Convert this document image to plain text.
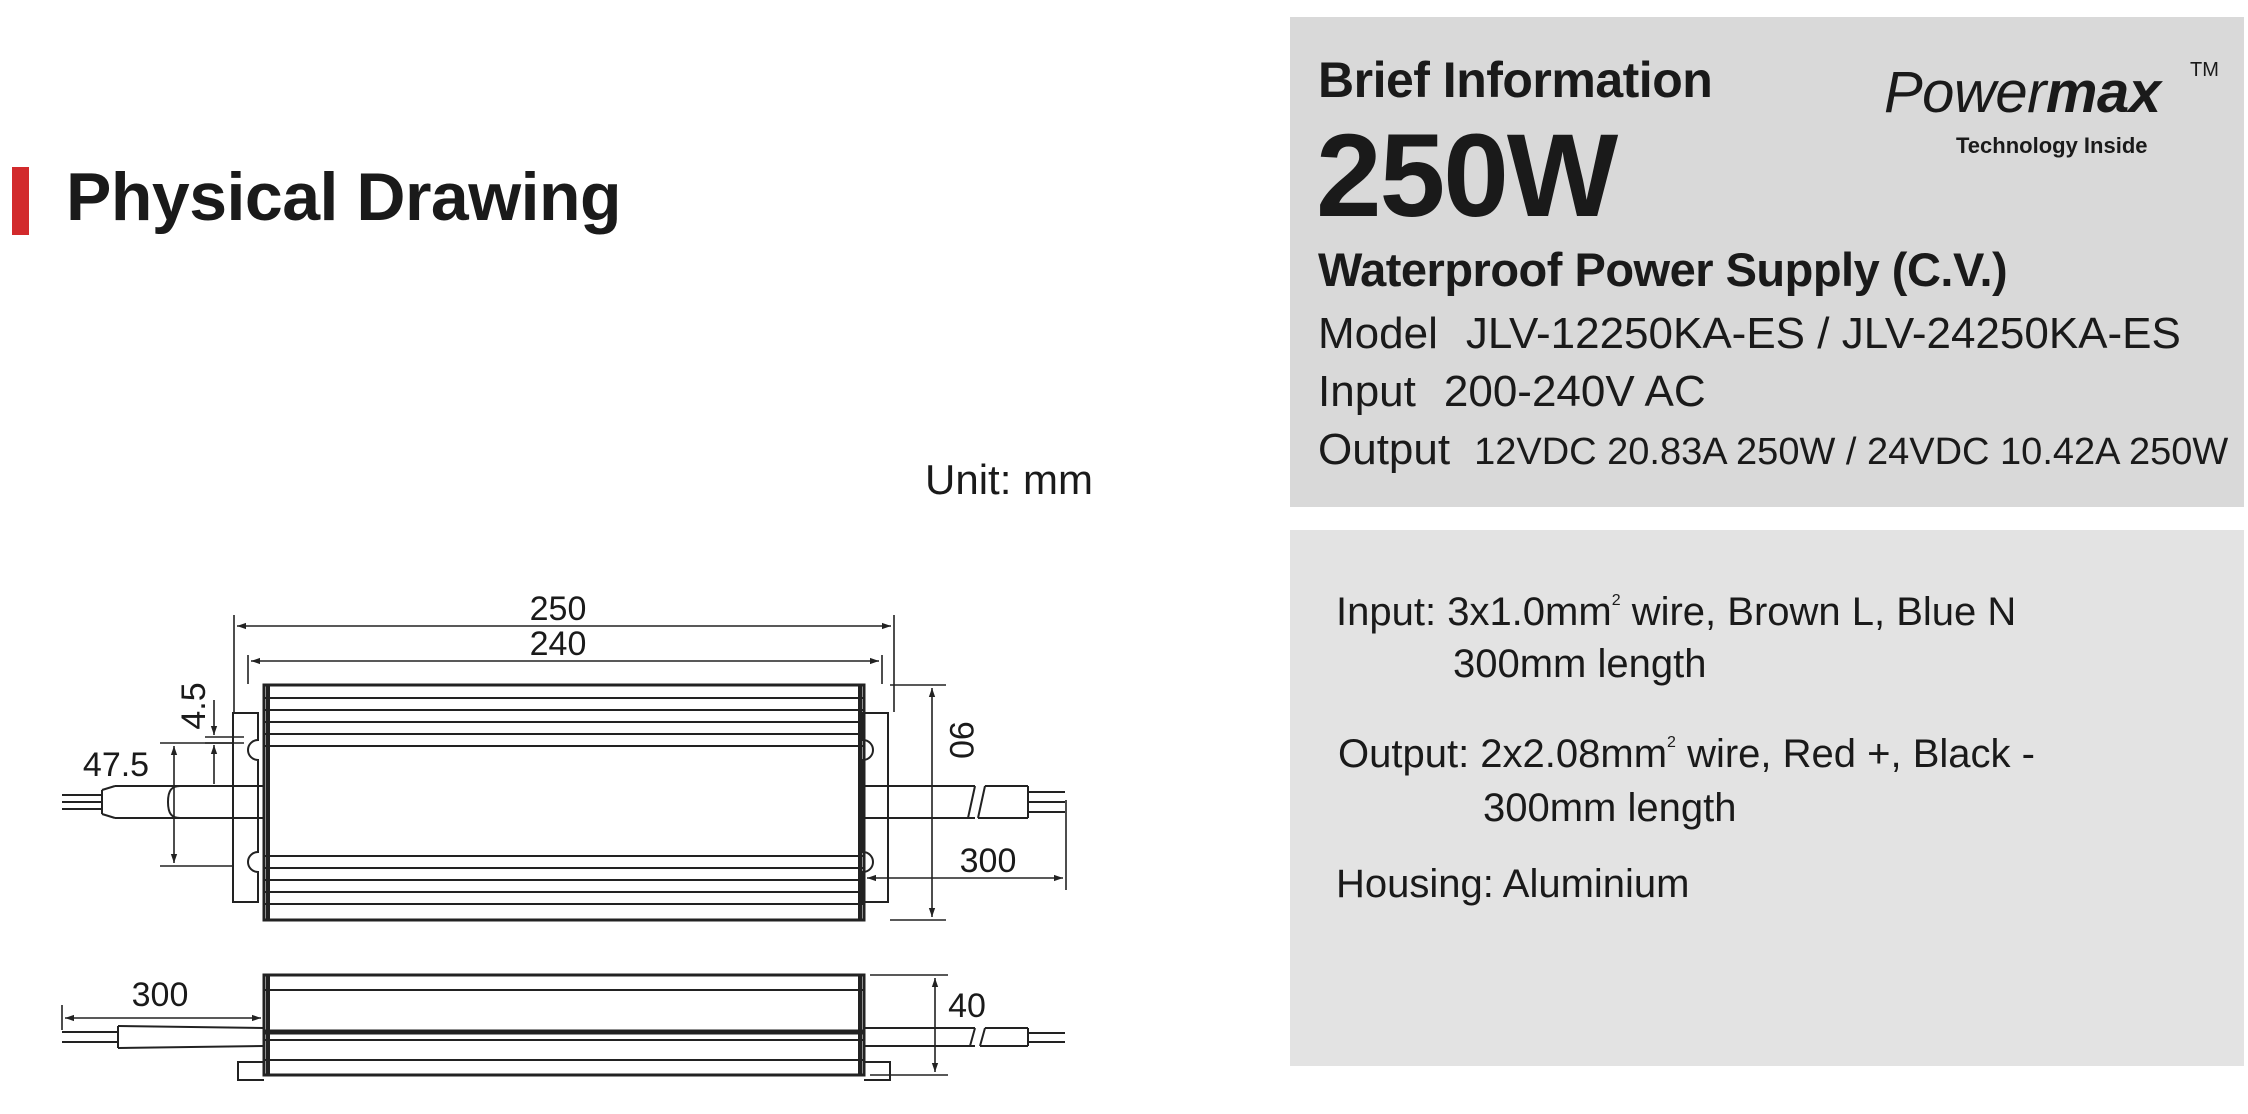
Physical Drawing
Unit: mm
250
240
4.5
47.5
90
300
300	40
Brief Information
250W
Waterproof Power Supply (C.V.)
Model JLV-12250KA-ES / JLV-24250KA-ES
Input 200-240V AC
Output 12VDC 20.83A 250W / 24VDC 10.42A 250W
Powermax TM
Technology Inside
Input: $3x1.0mm^2$ wire, Brown L, Blue N
300mm length
Output: $2x2.08mm^2$ wire, Red +, Black -
300mm length
Housing: Aluminium
